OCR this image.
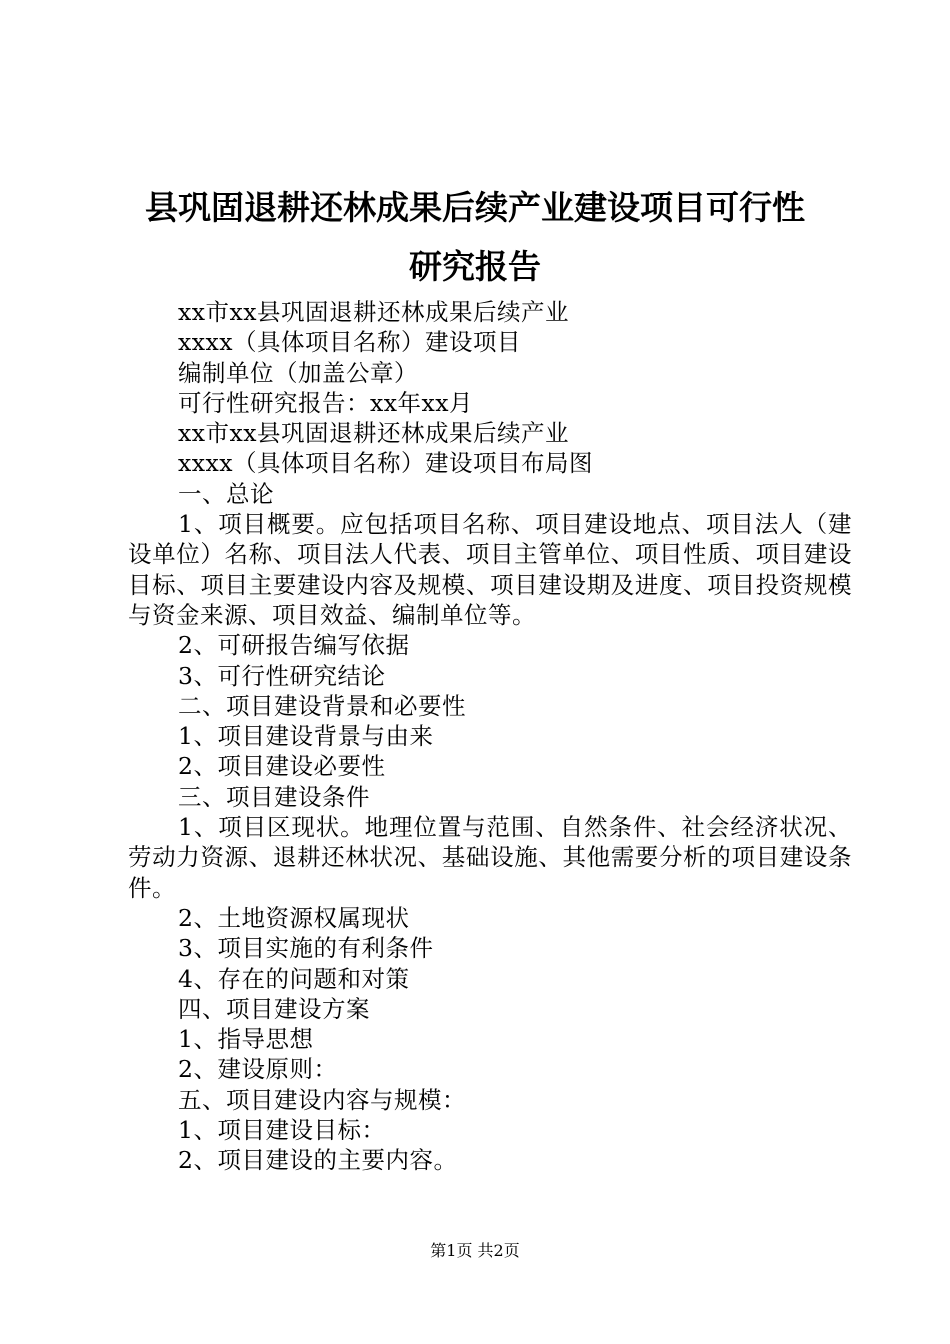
县巩固退耕还林成果后续产业建设项目可行性
研究报告

xx市xx县巩固退耕还林成果后续产业

xxxx（具体项目名称）建设项目

编制单位（加盖公章）

可行性研究报告：xx年xx月

xx市xx县巩固退耕还林成果后续产业

xxxx（具体项目名称）建设项目布局图

一、总论

1、项目概要。应包括项目名称、项目建设地点、项目法人（建设单位）名称、项目法人代表、项目主管单位、项目性质、项目建设目标、项目主要建设内容及规模、项目建设期及进度、项目投资规模与资金来源、项目效益、编制单位等。

2、可研报告编写依据

3、可行性研究结论

二、项目建设背景和必要性

1、项目建设背景与由来

2、项目建设必要性

三、项目建设条件

1、项目区现状。地理位置与范围、自然条件、社会经济状况、劳动力资源、退耕还林状况、基础设施、其他需要分析的项目建设条件。

2、土地资源权属现状

3、项目实施的有利条件

4、存在的问题和对策

四、项目建设方案

1、指导思想

2、建设原则：

五、项目建设内容与规模：

1、项目建设目标：

2、项目建设的主要内容。

第1页 共2页
